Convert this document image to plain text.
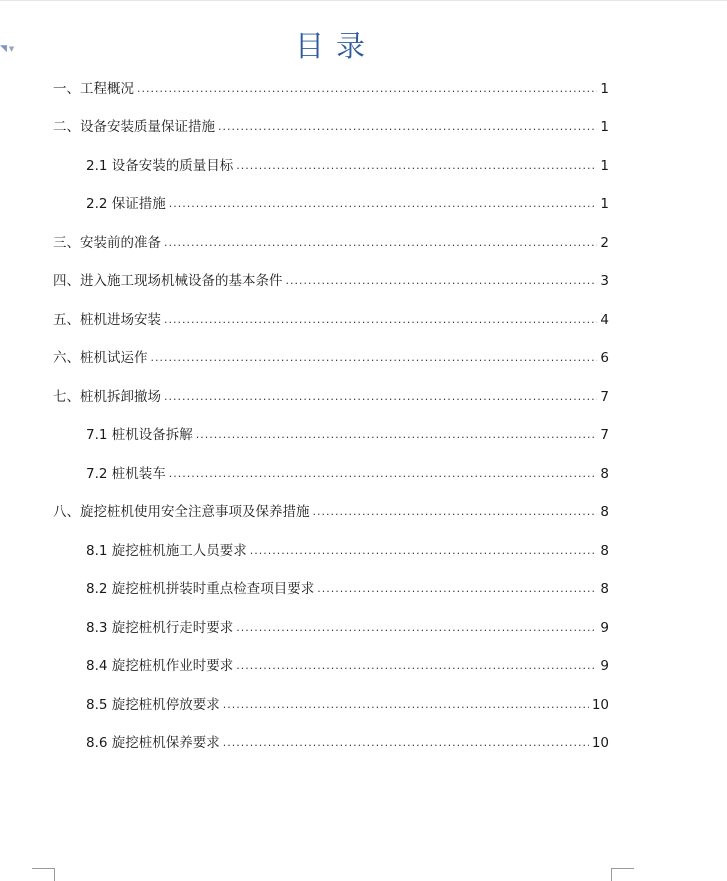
◥ ▼	目录
一、工程概况 .....	1
二、设备安装质量保证措施 .....	1
2.1 设备安装的质量目标 .....	1
2.2 保证措施 .....	1
三、安装前的准备 .....	2
四、进入施工现场机械设备的基本条件 .....	3
五、桩机进场安装 .....	4
六、桩机试运作 .....	6
七、桩机拆卸撤场 .....	7
7.1 桩机设备拆解 .....	7
7.2 桩机装车 .....	8
八、旋挖桩机使用安全注意事项及保养措施 .....	8
8.1 旋挖桩机施工人员要求 .....	8
8.2 旋挖桩机拼装时重点检查项目要求 .....	8
8.3 旋挖桩机行走时要求 .....	9
8.4 旋挖桩机作业时要求 .....	9
8.5 旋挖桩机停放要求 .....	10
8.6 旋挖桩机保养要求 .....	10
